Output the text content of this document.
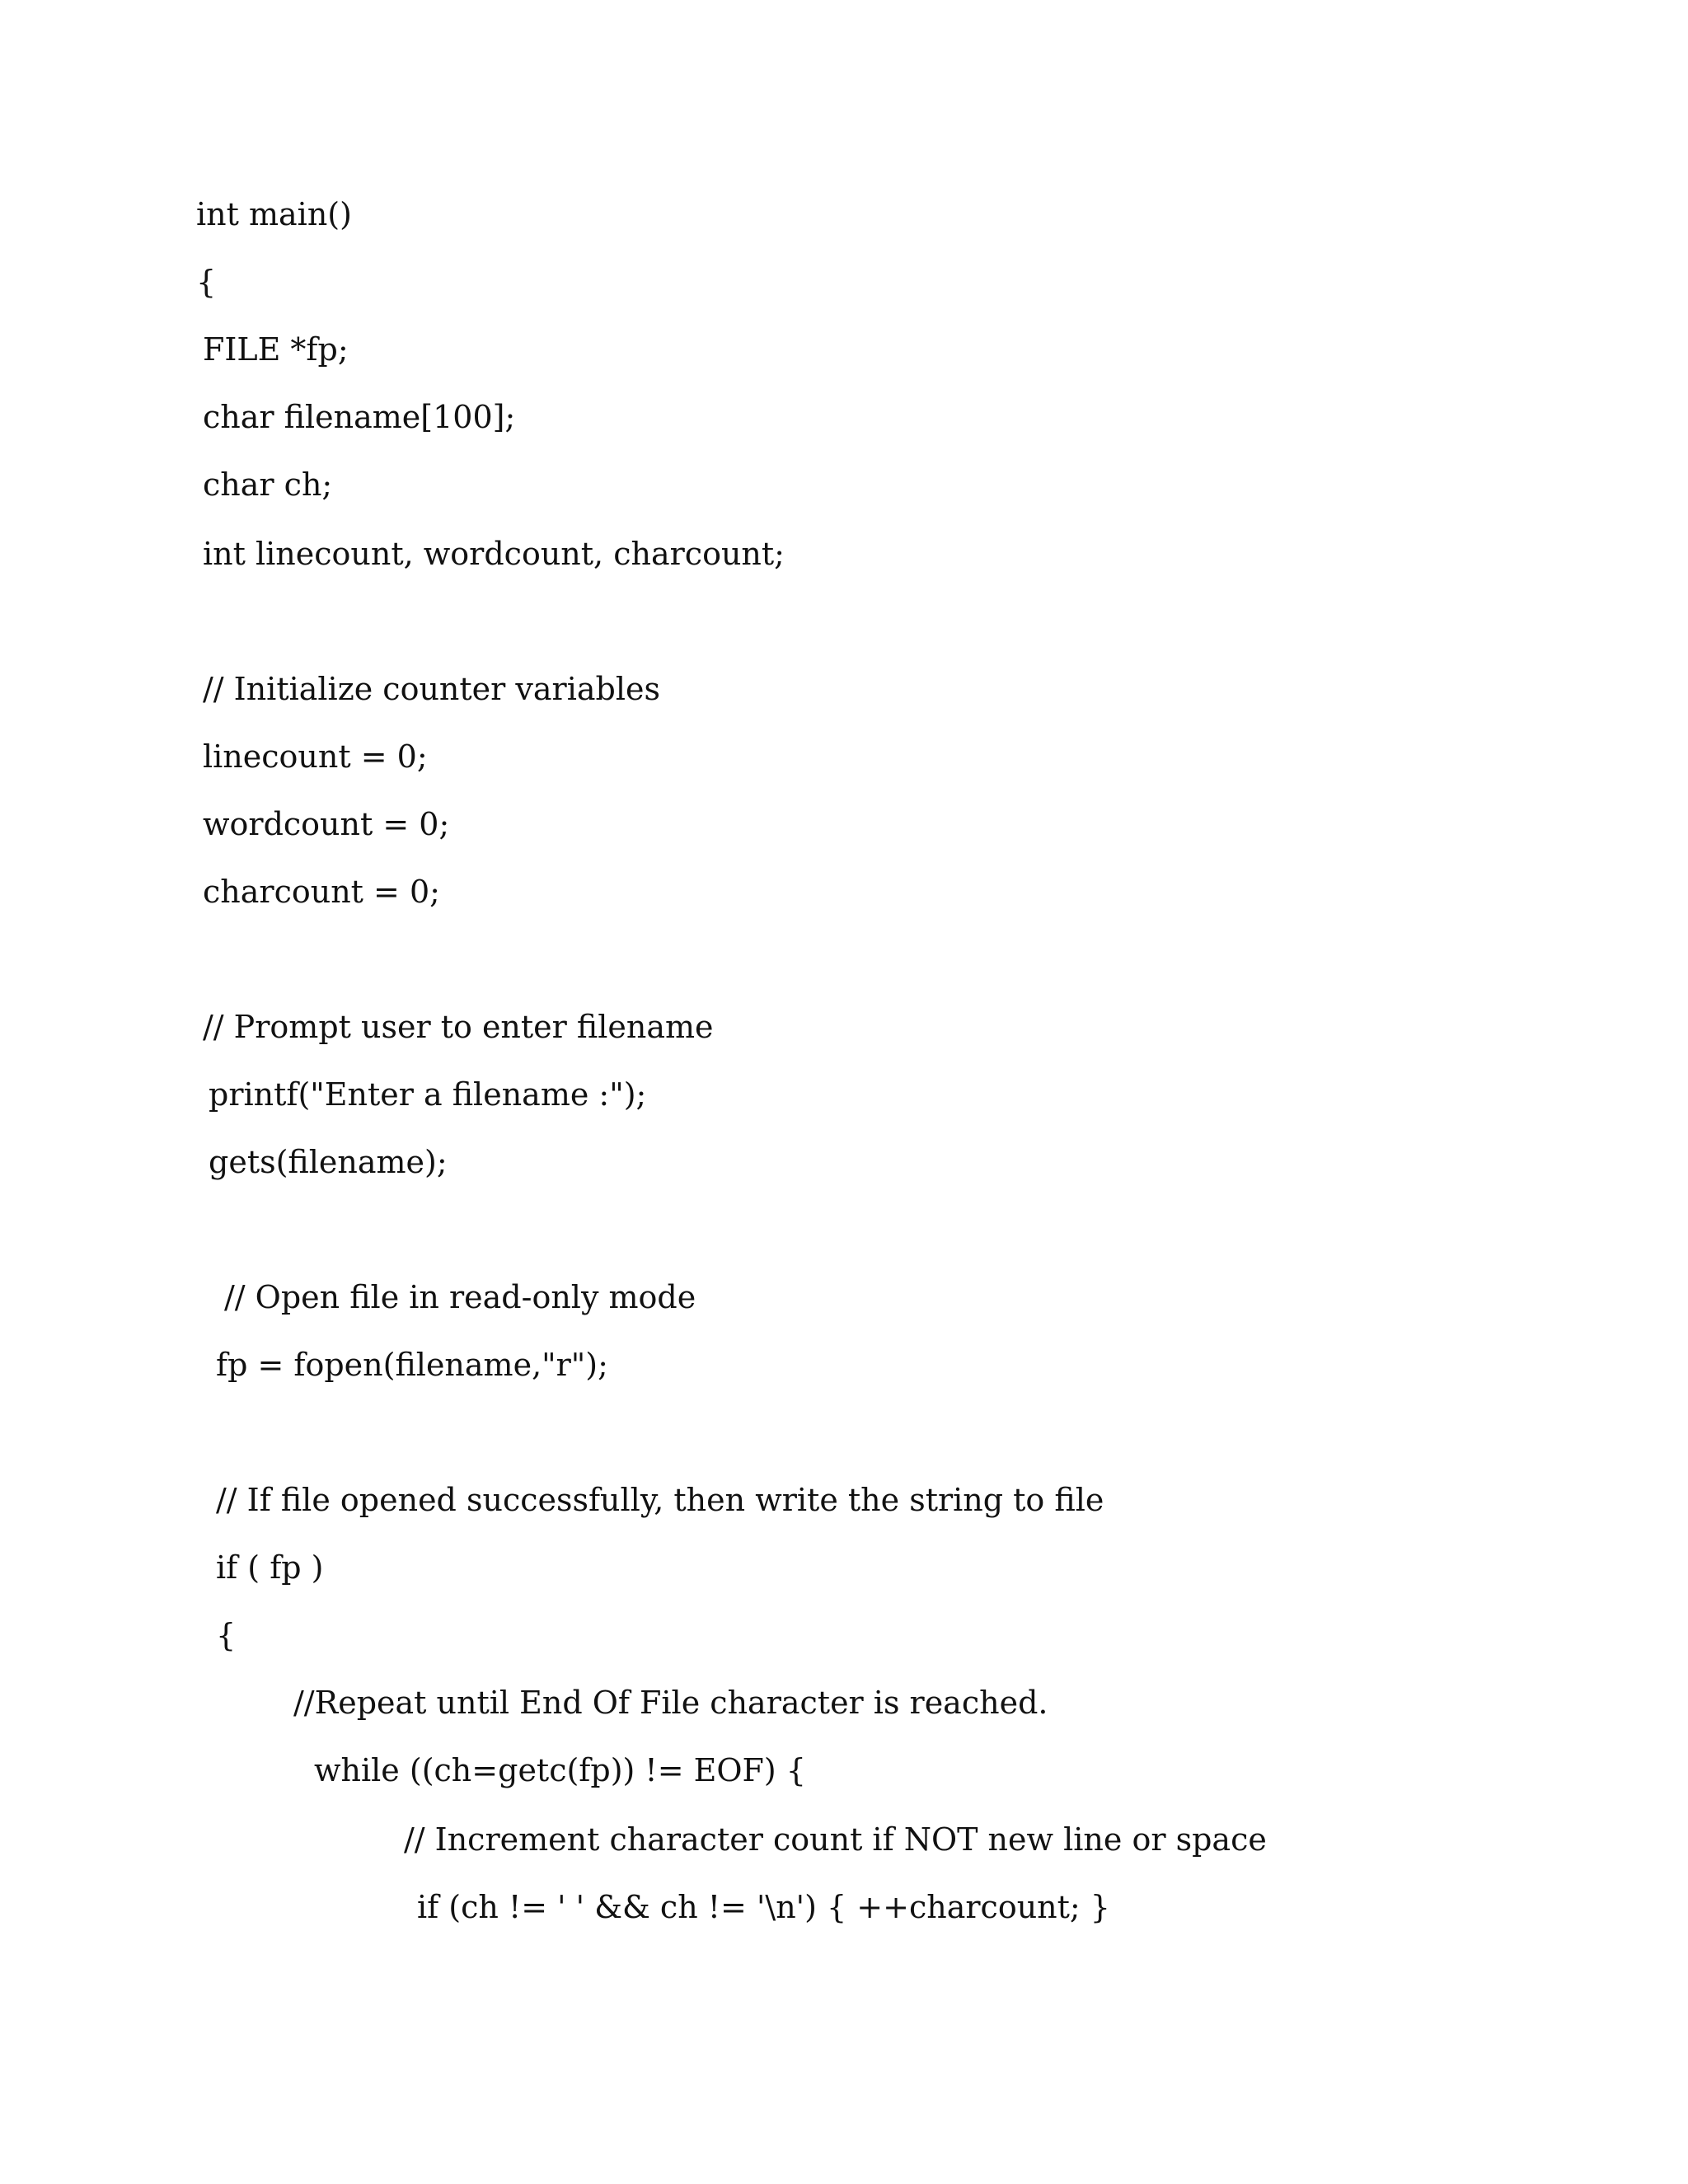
int main()
{
FILE *fp;
char filename[100];
char ch;
int linecount, wordcount, charcount;
// Initialize counter variables
linecount = 0;
wordcount = 0;
charcount = 0;
// Prompt user to enter filename
printf("Enter a filename :");
gets(filename);
// Open file in read-only mode
fp = fopen(filename,"r");
// If file opened successfully, then write the string to file
if ( fp )
{
//Repeat until End Of File character is reached.
while ((ch=getc(fp)) != EOF) {
// Increment character count if NOT new line or space
if (ch != ' ' && ch != '\n') { ++charcount; }
